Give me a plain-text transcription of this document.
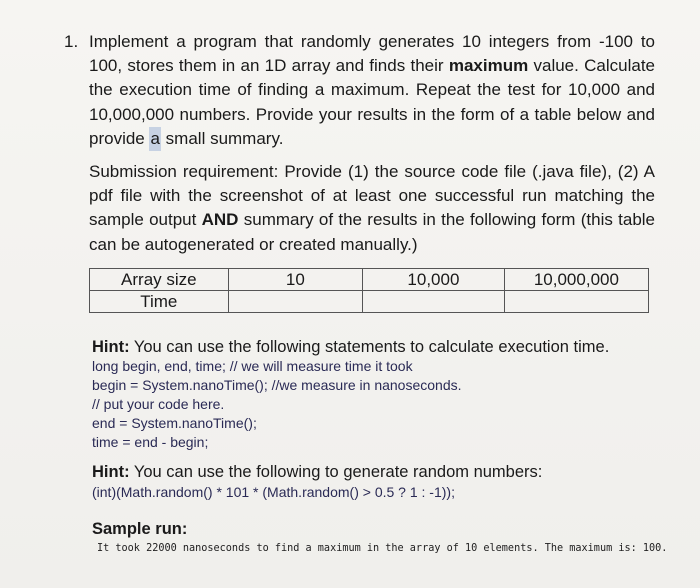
1. Implement a program that randomly generates 10 integers from -100 to 100, stores them in an 1D array and finds their maximum value. Calculate the execution time of finding a maximum. Repeat the test for 10,000 and 10,000,000 numbers. Provide your results in the form of a table below and provide a small summary.
Submission requirement: Provide (1) the source code file (.java file), (2) A pdf file with the screenshot of at least one successful run matching the sample output AND summary of the results in the following form (this table can be autogenerated or created manually.)
Array size	10	10,000	10,000,000
Time			
Hint: You can use the following statements to calculate execution time.
long begin, end, time; // we will measure time it took
begin = System.nanoTime(); //we measure in nanoseconds.
// put your code here.
end = System.nanoTime();
time = end - begin;
Hint: You can use the following to generate random numbers:
(int)(Math.random() * 101 * (Math.random() > 0.5 ? 1 : -1));
Sample run:
It took 22000 nanoseconds to find a maximum in the array of 10 elements. The maximum is: 100.
